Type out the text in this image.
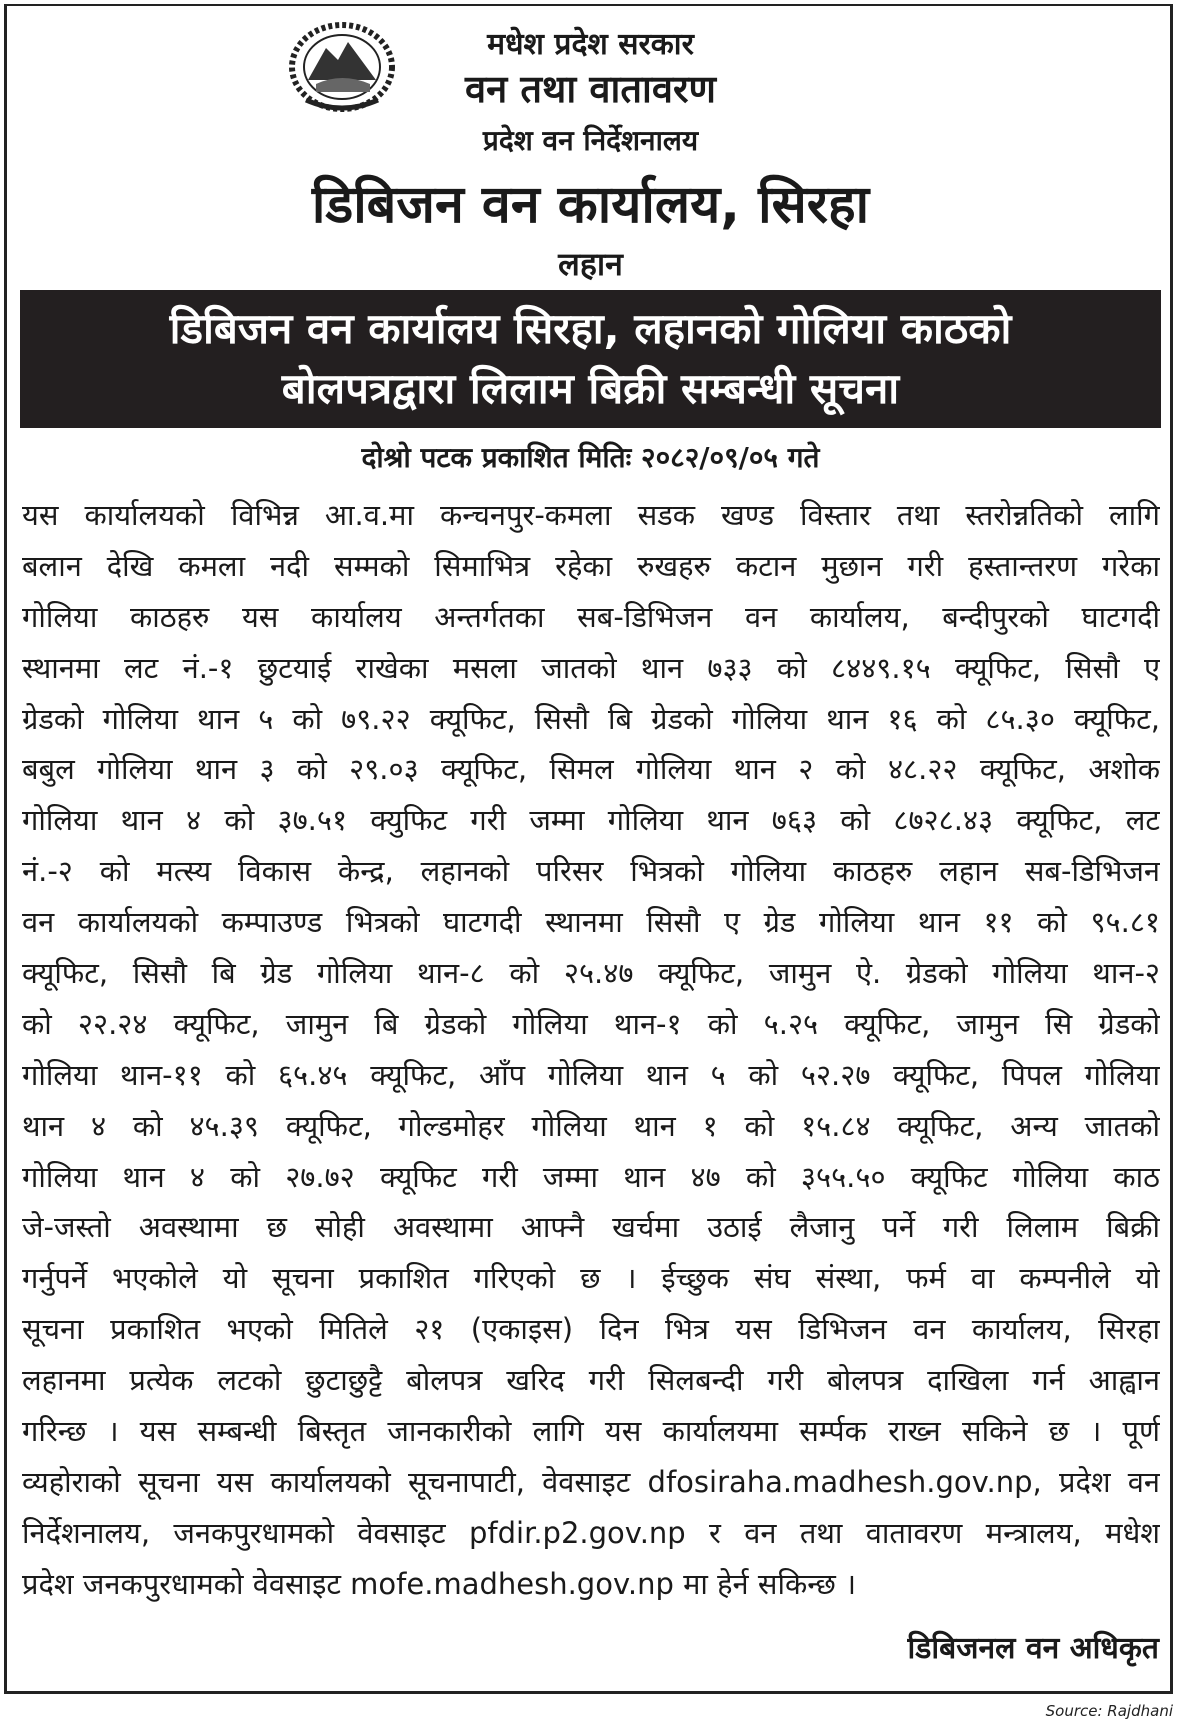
मधेश प्रदेश सरकार
वन तथा वातावरण
प्रदेश वन निर्देशनालय
डिबिजन वन कार्यालय, सिरहा
लहान
डिबिजन वन कार्यालय सिरहा, लहानको गोलिया काठको
बोलपत्रद्वारा लिलाम बिक्री सम्बन्धी सूचना
दोश्रो पटक प्रकाशित मितिः २०८२/०९/०५ गते
यस कार्यालयको विभिन्न आ.व.मा कन्चनपुर-कमला सडक खण्ड विस्तार तथा स्तरोन्नतिको लागि
बलान देखि कमला नदी सम्मको सिमाभित्र रहेका रुखहरु कटान मुछान गरी हस्तान्तरण गरेका
गोलिया काठहरु यस कार्यालय अन्तर्गतका सब-डिभिजन वन कार्यालय, बन्दीपुरको घाटगदी
स्थानमा लट नं.-१ छुटयाई राखेका मसला जातको थान ७३३ को ८४४९.१५ क्यूफिट, सिसौ ए
ग्रेडको गोलिया थान ५ को ७९.२२ क्यूफिट, सिसौ बि ग्रेडको गोलिया थान १६ को ८५.३० क्यूफिट,
बबुल गोलिया थान ३ को २९.०३ क्यूफिट, सिमल गोलिया थान २ को ४८.२२ क्यूफिट, अशोक
गोलिया थान ४ को ३७.५१ क्युफिट गरी जम्मा गोलिया थान ७६३ को ८७२८.४३ क्यूफिट, लट
नं.-२ को मत्स्य विकास केन्द्र, लहानको परिसर भित्रको गोलिया काठहरु लहान सब-डिभिजन
वन कार्यालयको कम्पाउण्ड भित्रको घाटगदी स्थानमा सिसौ ए ग्रेड गोलिया थान ११ को ९५.८१
क्यूफिट, सिसौ बि ग्रेड गोलिया थान-८ को २५.४७ क्यूफिट, जामुन ऐ. ग्रेडको गोलिया थान-२
को २२.२४ क्यूफिट, जामुन बि ग्रेडको गोलिया थान-१ को ५.२५ क्यूफिट, जामुन सि ग्रेडको
गोलिया थान-११ को ६५.४५ क्यूफिट, आँप गोलिया थान ५ को ५२.२७ क्यूफिट, पिपल गोलिया
थान ४ को ४५.३९ क्यूफिट, गोल्डमोहर गोलिया थान १ को १५.८४ क्यूफिट, अन्य जातको
गोलिया थान ४ को २७.७२ क्यूफिट गरी जम्मा थान ४७ को ३५५.५० क्यूफिट गोलिया काठ
जे-जस्तो अवस्थामा छ सोही अवस्थामा आफ्नै खर्चमा उठाई लैजानु पर्ने गरी लिलाम बिक्री
गर्नुपर्ने भएकोले यो सूचना प्रकाशित गरिएको छ । ईच्छुक संघ संस्था, फर्म वा कम्पनीले यो
सूचना प्रकाशित भएको मितिले २१ (एकाइस) दिन भित्र यस डिभिजन वन कार्यालय, सिरहा
लहानमा प्रत्येक लटको छुटाछुट्टै बोलपत्र खरिद गरी सिलबन्दी गरी बोलपत्र दाखिला गर्न आह्वान
गरिन्छ । यस सम्बन्धी बिस्तृत जानकारीको लागि यस कार्यालयमा सर्म्पक राख्न सकिने छ । पूर्ण
व्यहोराको सूचना यस कार्यालयको सूचनापाटी, वेवसाइट dfosiraha.madhesh.gov.np, प्रदेश वन
निर्देशनालय, जनकपुरधामको वेवसाइट pfdir.p2.gov.np र वन तथा वातावरण मन्त्रालय, मधेश
प्रदेश जनकपुरधामको वेवसाइट mofe.madhesh.gov.np मा हेर्न सकिन्छ ।
डिबिजनल वन अधिकृत
Source: Rajdhani
